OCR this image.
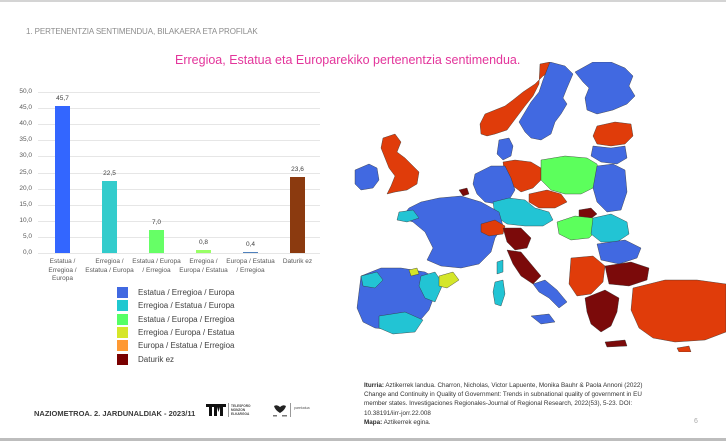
1. PERTENENTZIA SENTIMENDUA, BILAKAERA ETA PROFILAK
Erregioa, Estatua eta Europarekiko pertenentzia sentimendua.
50,0
45,0
40,0
35,0
30,0
25,0
20,0
15,0
10,0
5,0
0,0
45,7
22,5
7,0
0,8	0,4
23,6
Estatua /
Erregioa /
Europa
Erregioa /
Estatua / Europa
Estatua / Europa
/ Erregioa
Erregioa /
Europa / Estatua
Europa / Estatua
/ Erregioa
Daturik ez
Estatua / Erregioa / Europa
Erregioa / Estatua / Europa
Estatua / Europa / Erregioa
Erregioa / Europa / Estatua
Europa / Estatua / Erregioa
Daturik ez
NAZIOMETROA. 2. JARDUNALDIAK - 2023/11
TELESFORO
MONZON
ELKARGOA
parekatua
Iturria: Aztikerrek landua. Charron, Nicholas, Victor Lapuente, Monika Bauhr & Paola Annoni (2022) Change and Continuity in Quality of Government: Trends in subnational quality of government in EU member states. Investigaciones Regionales-Journal of Regional Research, 2022(53), 5-23. DOI: 10.38191/iirr-jorr.22.008
Mapa: Aztikerrek egina.	6
